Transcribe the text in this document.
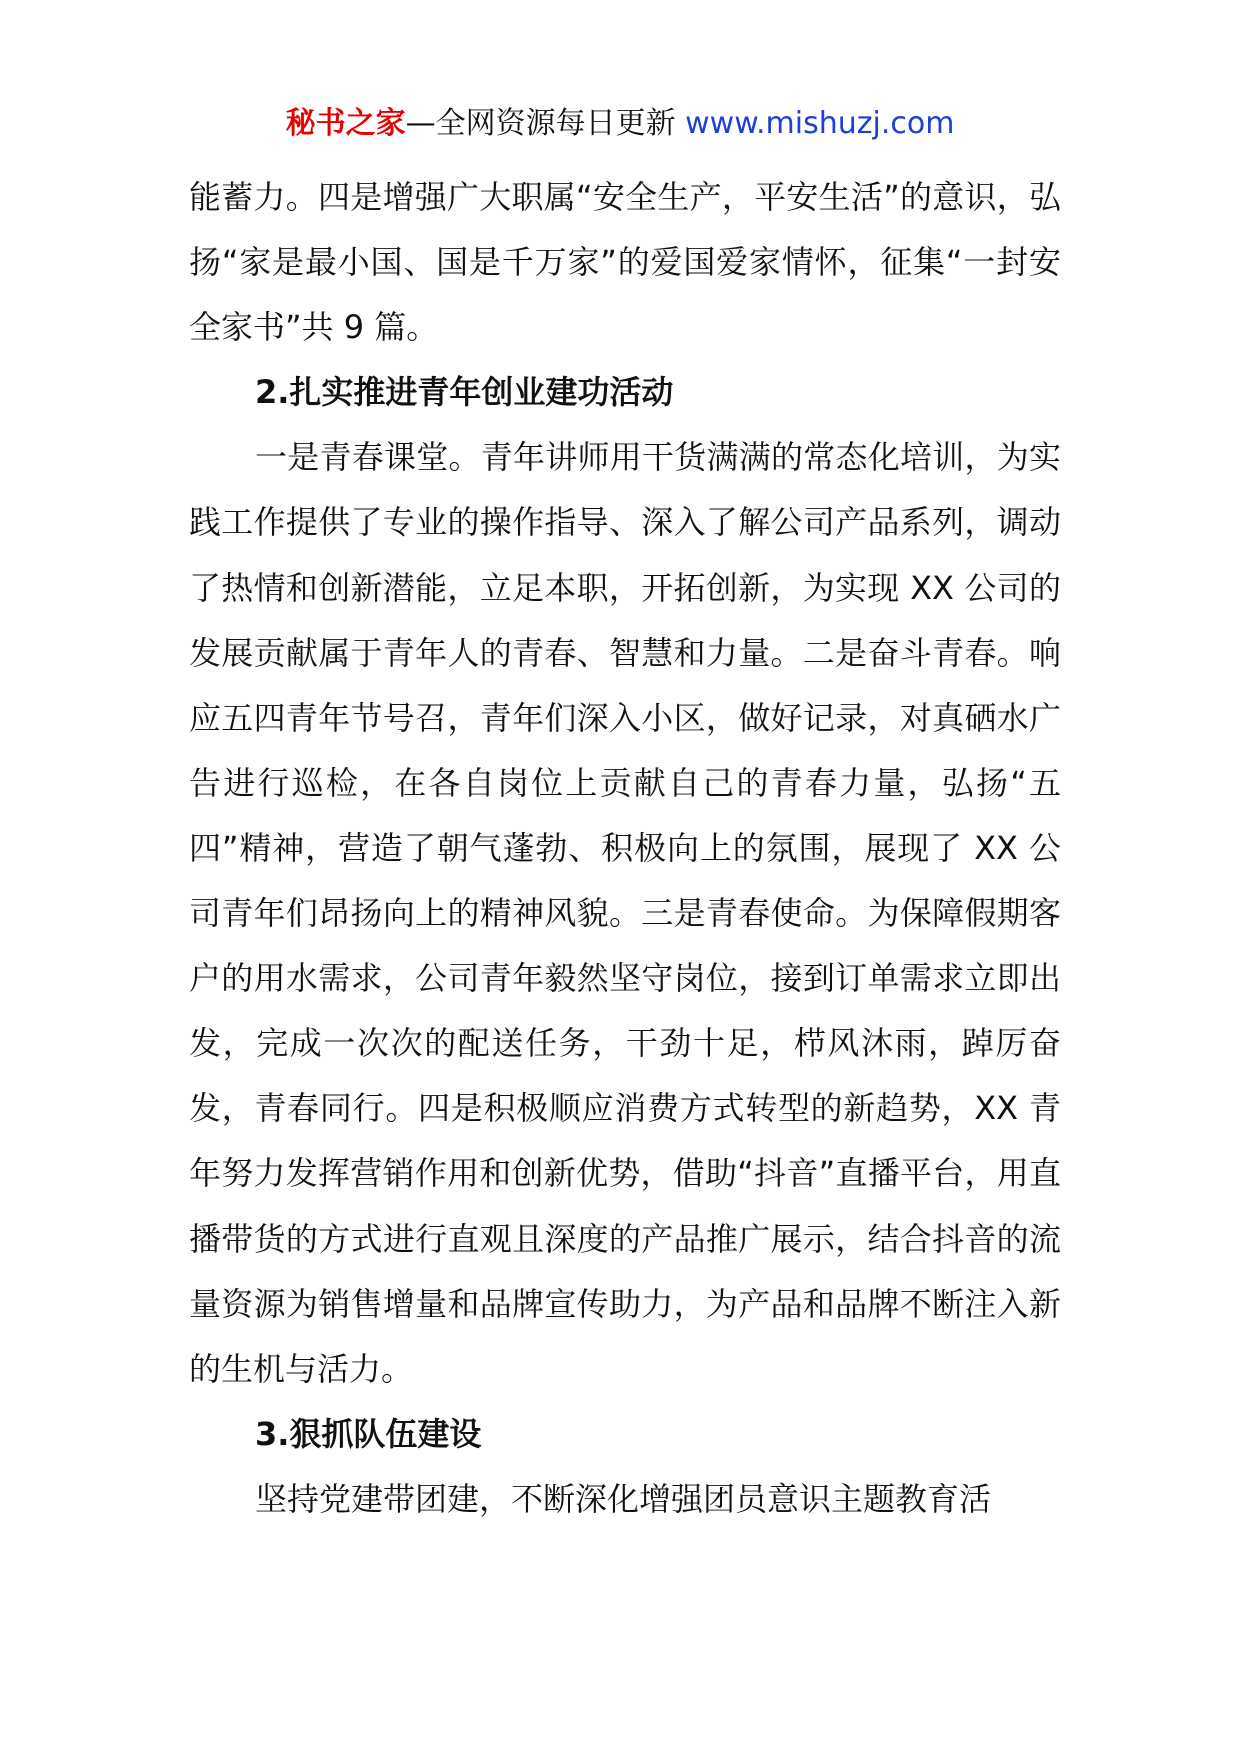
秘书之家—全网资源每日更新 www.mishuzj.com

能蓄力。四是增强广大职属“安全生产，平安生活”的意识，弘扬“家是最小国、国是千万家”的爱国爱家情怀，征集“一封安全家书”共 9 篇。

2.扎实推进青年创业建功活动

一是青春课堂。青年讲师用干货满满的常态化培训，为实践工作提供了专业的操作指导、深入了解公司产品系列，调动了热情和创新潜能，立足本职，开拓创新，为实现 XX 公司的发展贡献属于青年人的青春、智慧和力量。二是奋斗青春。响应五四青年节号召，青年们深入小区，做好记录，对真硒水广告进行巡检，在各自岗位上贡献自己的青春力量，弘扬“五四”精神，营造了朝气蓬勃、积极向上的氛围，展现了 XX 公司青年们昂扬向上的精神风貌。三是青春使命。为保障假期客户的用水需求，公司青年毅然坚守岗位，接到订单需求立即出发，完成一次次的配送任务，干劲十足，栉风沐雨，踔厉奋发，青春同行。四是积极顺应消费方式转型的新趋势，XX 青年努力发挥营销作用和创新优势，借助“抖音”直播平台，用直播带货的方式进行直观且深度的产品推广展示，结合抖音的流量资源为销售增量和品牌宣传助力，为产品和品牌不断注入新的生机与活力。

3.狠抓队伍建设

坚持党建带团建，不断深化增强团员意识主题教育活
